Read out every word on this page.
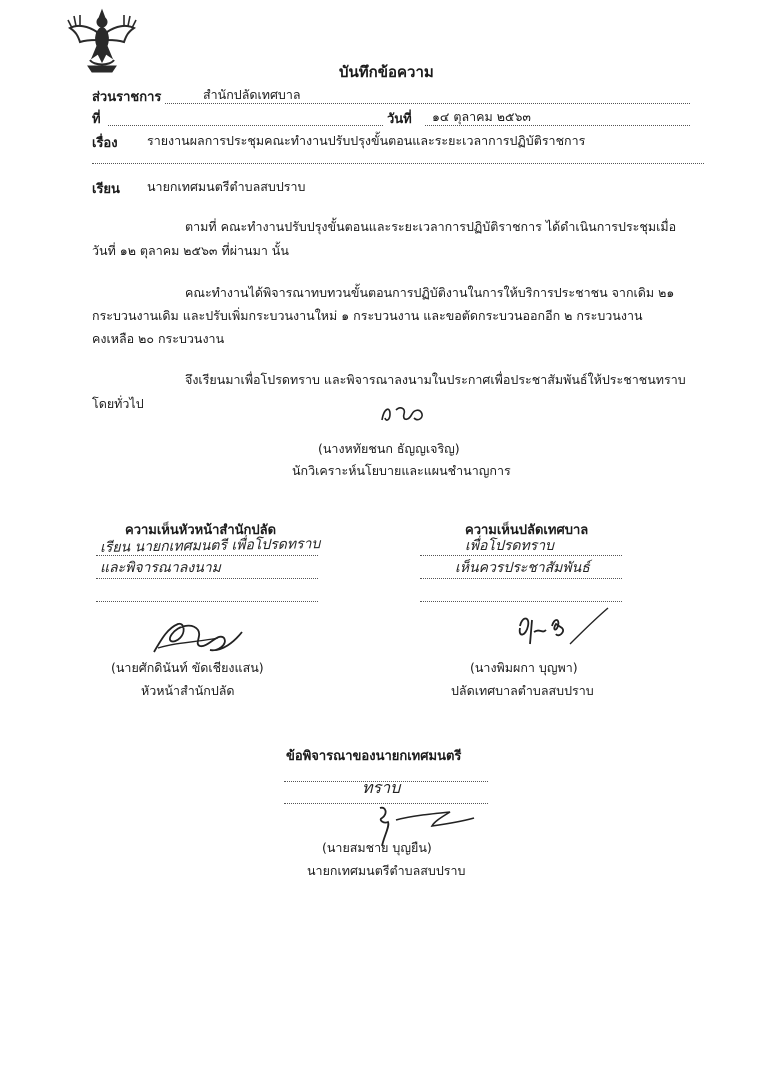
บันทึกข้อความ
ส่วนราชการ	สำนักปลัดเทศบาล
ที่	วันที่ ๑๔ ตุลาคม ๒๕๖๓
เรื่อง รายงานผลการประชุมคณะทำงานปรับปรุงขั้นตอนและระยะเวลาการปฏิบัติราชการ
เรียน นายกเทศมนตรีตำบลสบปราบ
ตามที่ คณะทำงานปรับปรุงขั้นตอนและระยะเวลาการปฏิบัติราชการ ได้ดำเนินการประชุมเมื่อ
วันที่ ๑๒ ตุลาคม ๒๕๖๓ ที่ผ่านมา นั้น
คณะทำงานได้พิจารณาทบทวนขั้นตอนการปฏิบัติงานในการให้บริการประชาชน จากเดิม ๒๑
กระบวนงานเดิม และปรับเพิ่มกระบวนงานใหม่ ๑ กระบวนงาน และขอตัดกระบวนออกอีก ๒ กระบวนงาน
คงเหลือ ๒๐ กระบวนงาน
จึงเรียนมาเพื่อโปรดทราบ และพิจารณาลงนามในประกาศเพื่อประชาสัมพันธ์ให้ประชาชนทราบ
โดยทั่วไป
(นางหทัยชนก ธัญญเจริญ)
นักวิเคราะห์นโยบายและแผนชำนาญการ
ความเห็นหัวหน้าสำนักปลัด
เรียน นายกเทศมนตรี เพื่อโปรดทราบ
และพิจารณาลงนาม
(นายศักดินันท์ ขัดเชียงแสน)
หัวหน้าสำนักปลัด
ความเห็นปลัดเทศบาล
เพื่อโปรดทราบ
เห็นควรประชาสัมพันธ์
(นางพิมผกา บุญพา)
ปลัดเทศบาลตำบลสบปราบ
ข้อพิจารณาของนายกเทศมนตรี
ทราบ
(นายสมชาย บุญยืน)
นายกเทศมนตรีตำบลสบปราบ
